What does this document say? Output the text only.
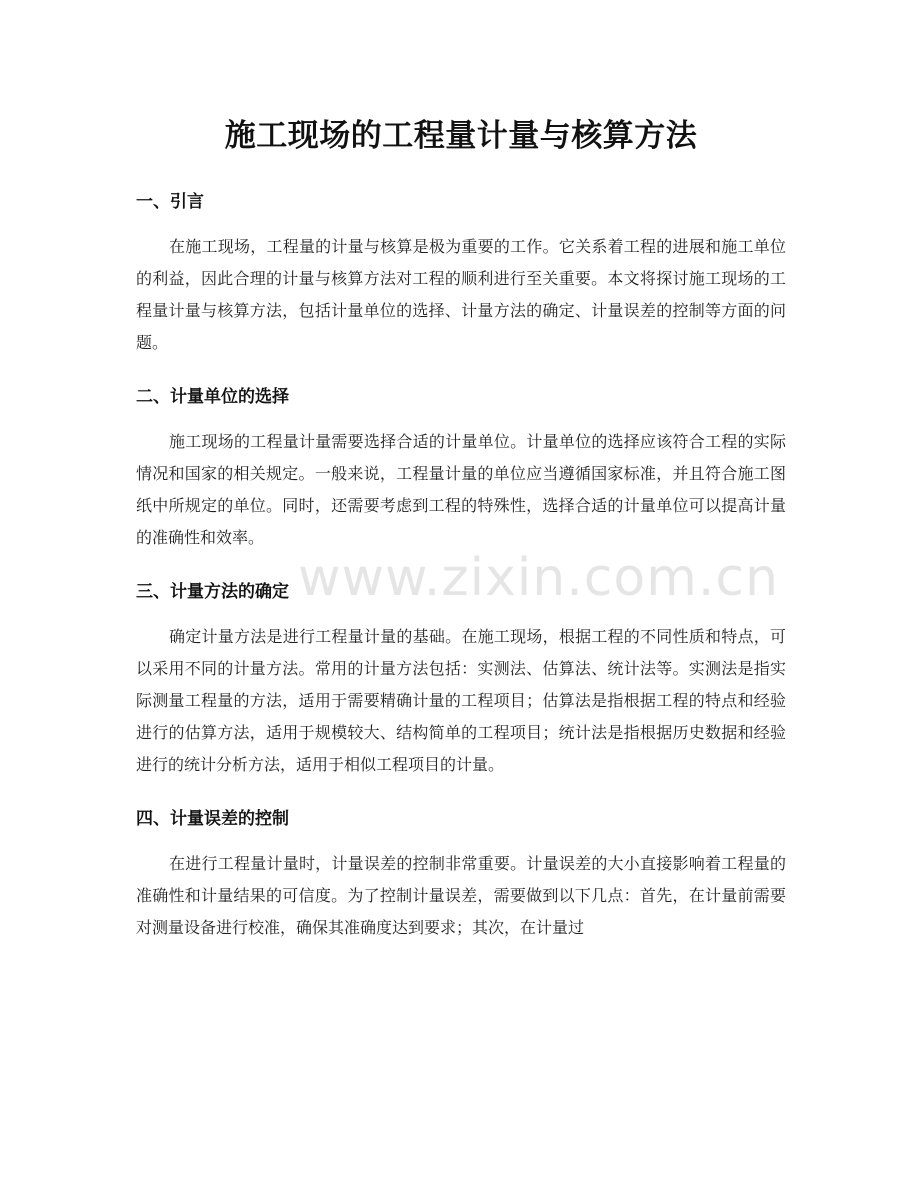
施工现场的工程量计量与核算方法
一、引言

在施工现场，工程量的计量与核算是极为重要的工作。它关系着工程的进展和施工单位的利益，因此合理的计量与核算方法对工程的顺利进行至关重要。本文将探讨施工现场的工程量计量与核算方法，包括计量单位的选择、计量方法的确定、计量误差的控制等方面的问题。

二、计量单位的选择

施工现场的工程量计量需要选择合适的计量单位。计量单位的选择应该符合工程的实际情况和国家的相关规定。一般来说，工程量计量的单位应当遵循国家标准，并且符合施工图纸中所规定的单位。同时，还需要考虑到工程的特殊性，选择合适的计量单位可以提高计量的准确性和效率。

三、计量方法的确定

确定计量方法是进行工程量计量的基础。在施工现场，根据工程的不同性质和特点，可以采用不同的计量方法。常用的计量方法包括：实测法、估算法、统计法等。实测法是指实际测量工程量的方法，适用于需要精确计量的工程项目；估算法是指根据工程的特点和经验进行的估算方法，适用于规模较大、结构简单的工程项目；统计法是指根据历史数据和经验进行的统计分析方法，适用于相似工程项目的计量。

四、计量误差的控制

在进行工程量计量时，计量误差的控制非常重要。计量误差的大小直接影响着工程量的准确性和计量结果的可信度。为了控制计量误差，需要做到以下几点：首先，在计量前需要对测量设备进行校准，确保其准确度达到要求；其次，在计量过

www.zixin.com.cn
